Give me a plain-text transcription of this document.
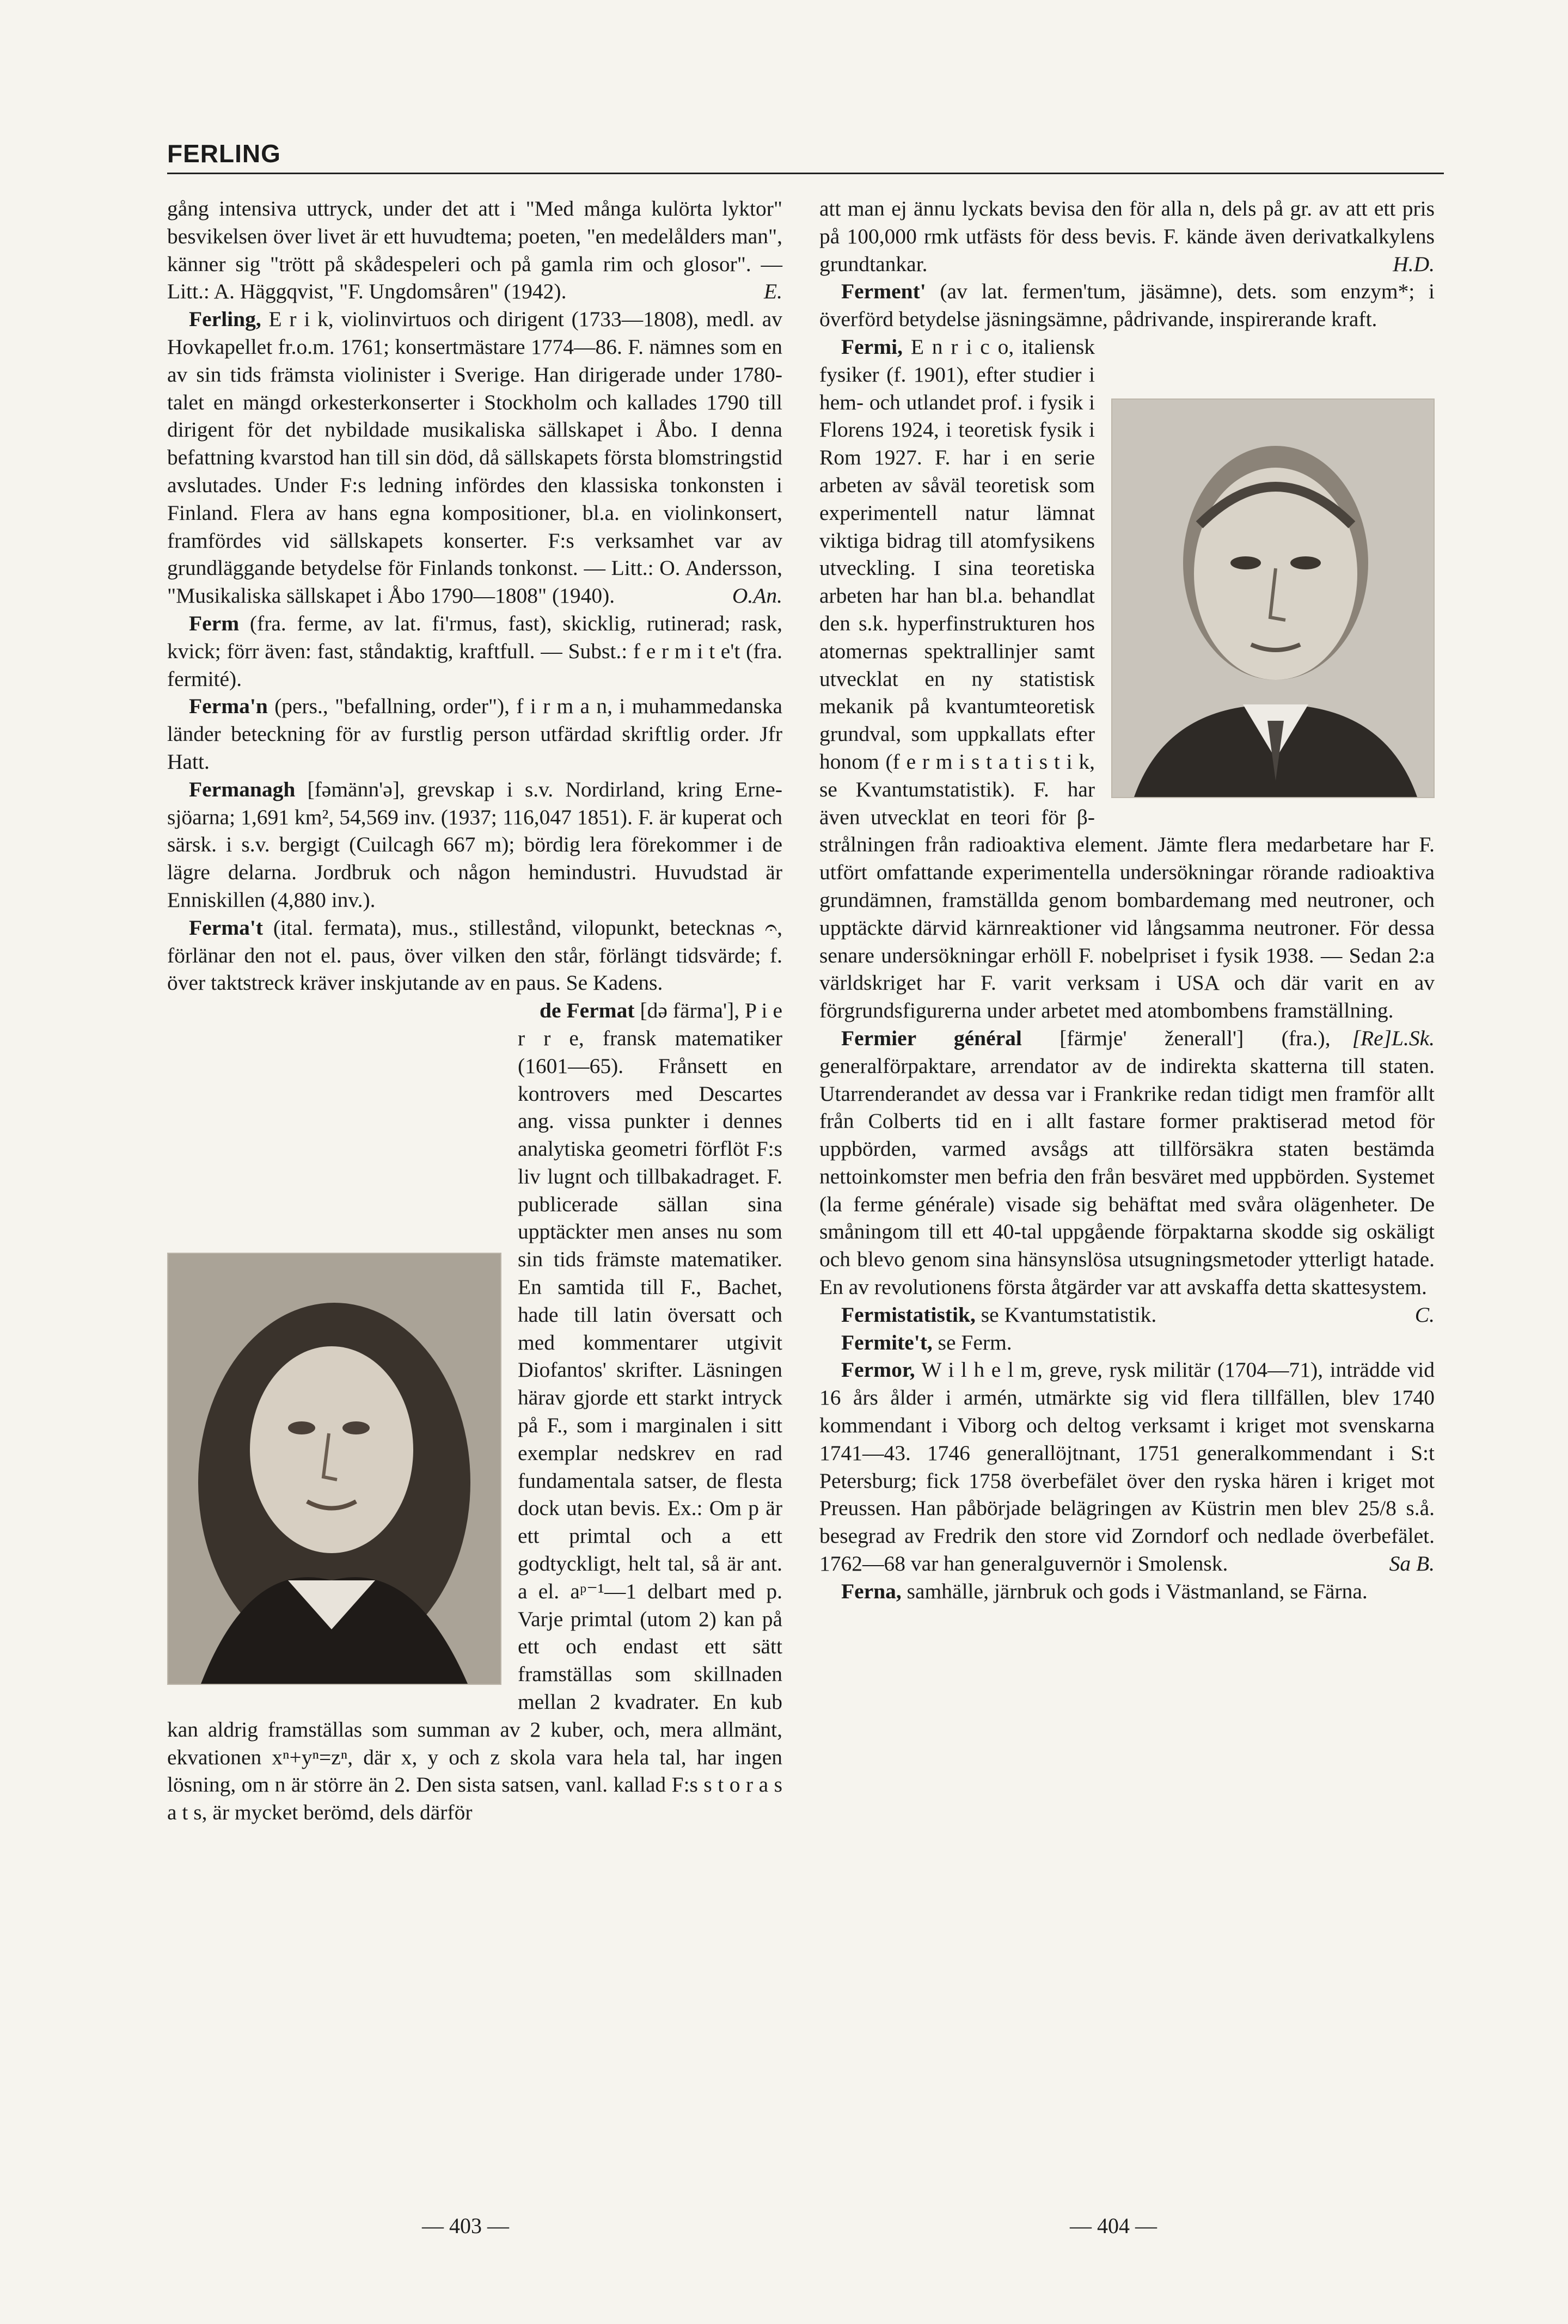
FERLING

gång intensiva uttryck, under det att i "Med många kulörta lyktor" besvikelsen över livet är ett huvudtema; poeten, "en medelålders man", känner sig "trött på skådespeleri och på gamla rim och glosor". — Litt.: A. Häggqvist, "F. Ungdomsåren" (1942).	E.

Ferling, E r i k, violinvirtuos och dirigent (1733—1808), medl. av Hovkapellet fr.o.m. 1761; konsertmästare 1774—86. F. nämnes som en av sin tids främsta violinister i Sverige. Han dirigerade under 1780-talet en mängd orkesterkonserter i Stockholm och kallades 1790 till dirigent för det nybildade musikaliska sällskapet i Åbo. I denna befattning kvarstod han till sin död, då sällskapets första blomstringstid avslutades. Under F:s ledning infördes den klassiska tonkonsten i Finland. Flera av hans egna kompositioner, bl.a. en violinkonsert, framfördes vid sällskapets konserter. F:s verksamhet var av grundläggande betydelse för Finlands tonkonst. — Litt.: O. Andersson, "Musikaliska sällskapet i Åbo 1790—1808" (1940).	O.An.

Ferm (fra. ferme, av lat. fi'rmus, fast), skicklig, rutinerad; rask, kvick; förr även: fast, ståndaktig, kraftfull. — Subst.: f e r m i t e't (fra. fermité).

Ferma'n (pers., "befallning, order"), f i r m a n, i muhammedanska länder beteckning för av furstlig person utfärdad skriftlig order. Jfr Hatt.

Fermanagh [fəmänn'ə], grevskap i s.v. Nordirland, kring Erne-sjöarna; 1,691 km², 54,569 inv. (1937; 116,047 1851). F. är kuperat och särsk. i s.v. bergigt (Cuilcagh 667 m); bördig lera förekommer i de lägre delarna. Jordbruk och någon hemindustri. Huvudstad är Enniskillen (4,880 inv.).

Ferma't (ital. fermata), mus., stillestånd, vilopunkt, betecknas 𝄐, förlänar den not el. paus, över vilken den står, förlängt tidsvärde; f. över taktstreck kräver inskjutande av en paus. Se Kadens.

de Fermat [də färma'], P i e r r e, fransk matematiker (1601—65). Frånsett en kontrovers med Descartes ang. vissa punkter i dennes analytiska geometri förflöt F:s liv lugnt och tillbakadraget. F. publicerade sällan sina upptäckter men anses nu som sin tids främste matematiker. En samtida till F., Bachet, hade till latin översatt och med kommentarer utgivit Diofantos' skrifter. Läsningen härav gjorde ett starkt intryck på F., som i marginalen i sitt exemplar nedskrev en rad fundamentala satser, de flesta dock utan bevis. Ex.: Om p är ett primtal och a ett godtyckligt, helt tal, så är ant. a el. aᵖ⁻¹—1 delbart med p. Varje primtal (utom 2) kan på ett och endast ett sätt framställas som skillnaden mellan 2 kvadrater. En kub kan aldrig framställas som summan av 2 kuber, och, mera allmänt, ekvationen xⁿ+yⁿ=zⁿ, där x, y och z skola vara hela tal, har ingen lösning, om n är större än 2. Den sista satsen, vanl. kallad F:s s t o r a s a t s, är mycket berömd, dels därför

att man ej ännu lyckats bevisa den för alla n, dels på gr. av att ett pris på 100,000 rmk utfästs för dess bevis. F. kände även derivatkalkylens grundtankar.	H.D.

Ferment' (av lat. fermen'tum, jäsämne), dets. som enzym*; i överförd betydelse jäsningsämne, pådrivande, inspirerande kraft.

Fermi, E n r i c o, italiensk fysiker (f. 1901), efter studier i hem- och utlandet prof. i fysik i Florens 1924, i teoretisk fysik i Rom 1927. F. har i en serie arbeten av såväl teoretisk som experimentell natur lämnat viktiga bidrag till atomfysikens utveckling. I sina teoretiska arbeten har han bl.a. behandlat den s.k. hyperfinstrukturen hos atomernas spektrallinjer samt utvecklat en ny statistisk mekanik på kvantumteoretisk grundval, som uppkallats efter honom (f e r m i s t a t i s t i k, se Kvantumstatistik). F. har även utvecklat en teori för β-strålningen från radioaktiva element. Jämte flera medarbetare har F. utfört omfattande experimentella undersökningar rörande radioaktiva grundämnen, framställda genom bombardemang med neutroner, och upptäckte därvid kärnreaktioner vid långsamma neutroner. För dessa senare undersökningar erhöll F. nobelpriset i fysik 1938. — Sedan 2:a världskriget har F. varit verksam i USA och där varit en av förgrundsfigurerna under arbetet med atombombens framställning.
[Re]L.Sk.

Fermier général [färmje' ženerall'] (fra.), generalförpaktare, arrendator av de indirekta skatterna till staten. Utarrenderandet av dessa var i Frankrike redan tidigt men framför allt från Colberts tid en i allt fastare former praktiserad metod för uppbörden, varmed avsågs att tillförsäkra staten bestämda nettoinkomster men befria den från besväret med uppbörden. Systemet (la ferme générale) visade sig behäftat med svåra olägenheter. De småningom till ett 40-tal uppgående förpaktarna skodde sig oskäligt och blevo genom sina hänsynslösa utsugningsmetoder ytterligt hatade. En av revolutionens första åtgärder var att avskaffa detta skattesystem.
C.

Fermistatistik, se Kvantumstatistik.

Fermite't, se Ferm.

Fermor, W i l h e l m, greve, rysk militär (1704—71), inträdde vid 16 års ålder i armén, utmärkte sig vid flera tillfällen, blev 1740 kommendant i Viborg och deltog verksamt i kriget mot svenskarna 1741—43. 1746 generallöjtnant, 1751 generalkommendant i S:t Petersburg; fick 1758 överbefälet över den ryska hären i kriget mot Preussen. Han påbörjade belägringen av Küstrin men blev 25/8 s.å. besegrad av Fredrik den store vid Zorndorf och nedlade överbefälet. 1762—68 var han generalguvernör i Smolensk.	Sa B.

Ferna, samhälle, järnbruk och gods i Västmanland, se Färna.

— 403 —	— 404 —
